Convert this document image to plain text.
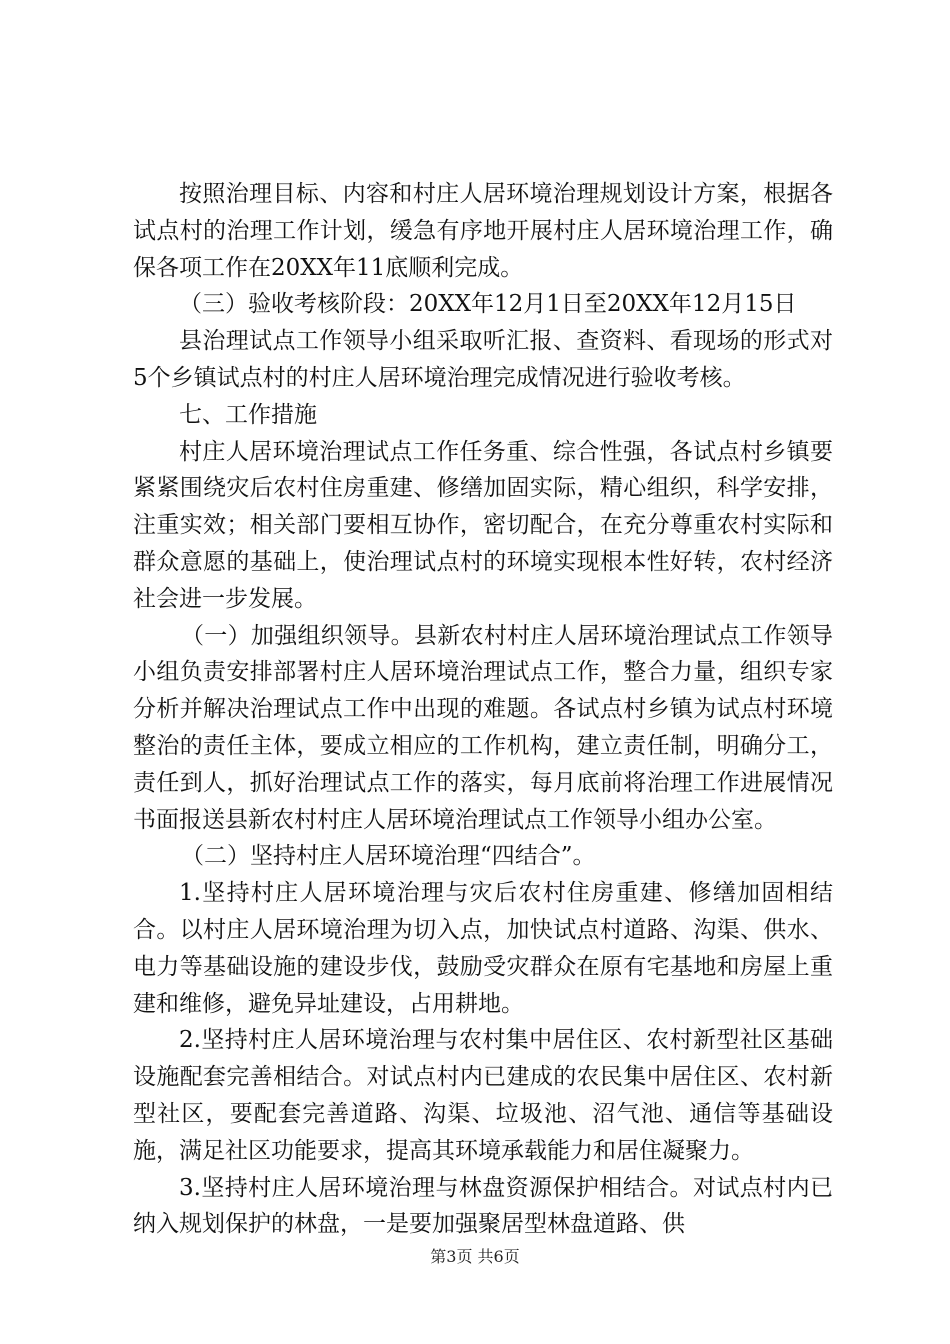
按照治理目标、内容和村庄人居环境治理规划设计方案，根据各试点村的治理工作计划，缓急有序地开展村庄人居环境治理工作，确保各项工作在20XX年11底顺利完成。

（三）验收考核阶段：20XX年12月1日至20XX年12月15日

县治理试点工作领导小组采取听汇报、查资料、看现场的形式对5个乡镇试点村的村庄人居环境治理完成情况进行验收考核。

七、工作措施

村庄人居环境治理试点工作任务重、综合性强，各试点村乡镇要紧紧围绕灾后农村住房重建、修缮加固实际，精心组织，科学安排，注重实效；相关部门要相互协作，密切配合，在充分尊重农村实际和群众意愿的基础上，使治理试点村的环境实现根本性好转，农村经济社会进一步发展。

（一）加强组织领导。县新农村村庄人居环境治理试点工作领导小组负责安排部署村庄人居环境治理试点工作，整合力量，组织专家分析并解决治理试点工作中出现的难题。各试点村乡镇为试点村环境整治的责任主体，要成立相应的工作机构，建立责任制，明确分工，责任到人，抓好治理试点工作的落实，每月底前将治理工作进展情况书面报送县新农村村庄人居环境治理试点工作领导小组办公室。

（二）坚持村庄人居环境治理“四结合”。

1.坚持村庄人居环境治理与灾后农村住房重建、修缮加固相结合。以村庄人居环境治理为切入点，加快试点村道路、沟渠、供水、电力等基础设施的建设步伐，鼓励受灾群众在原有宅基地和房屋上重建和维修，避免异址建设，占用耕地。

2.坚持村庄人居环境治理与农村集中居住区、农村新型社区基础设施配套完善相结合。对试点村内已建成的农民集中居住区、农村新型社区，要配套完善道路、沟渠、垃圾池、沼气池、通信等基础设施，满足社区功能要求，提高其环境承载能力和居住凝聚力。

3.坚持村庄人居环境治理与林盘资源保护相结合。对试点村内已纳入规划保护的林盘，一是要加强聚居型林盘道路、供

第3页 共6页
